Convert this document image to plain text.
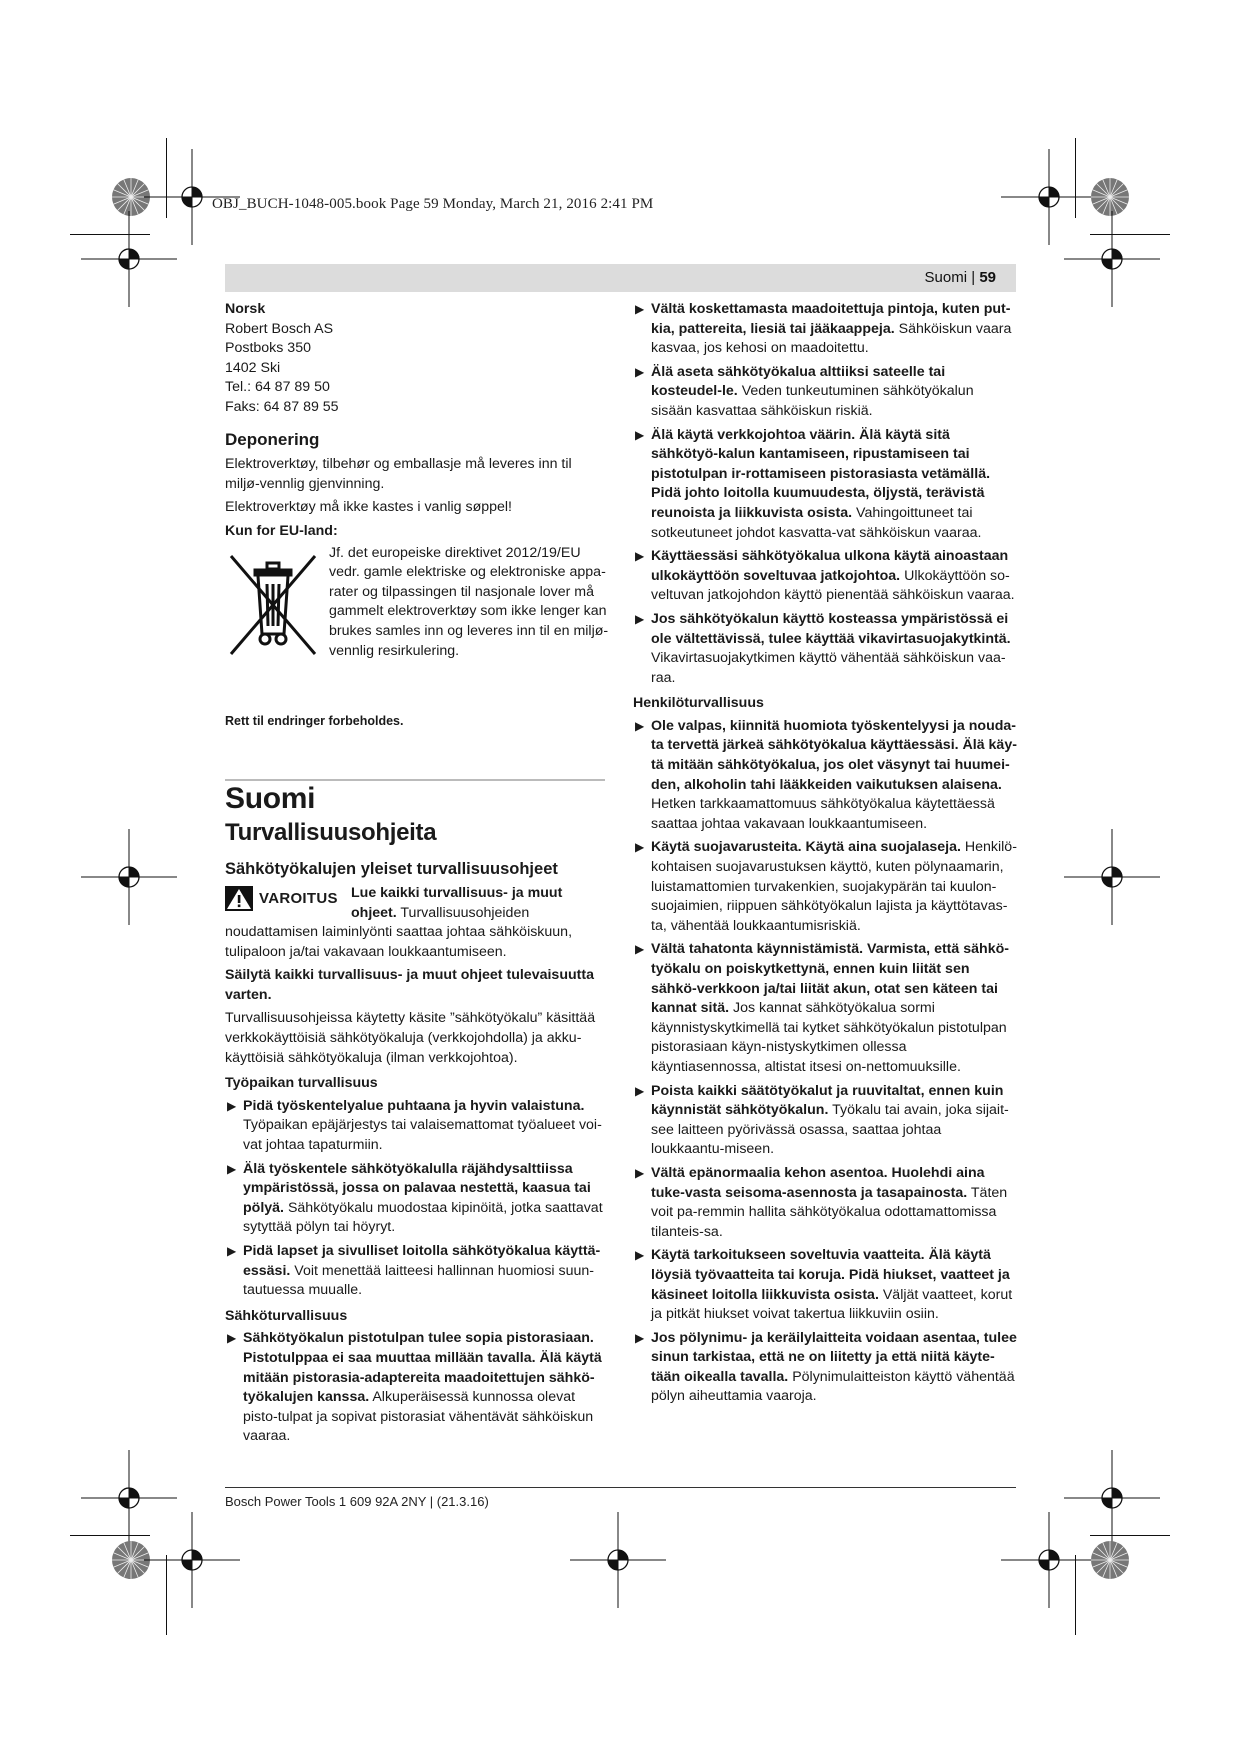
OBJ_BUCH-1048-005.book Page 59 Monday, March 21, 2016 2:41 PM
Suomi | 59
Norsk
Robert Bosch AS
Postboks 350
1402 Ski
Tel.: 64 87 89 50
Faks: 64 87 89 55
Deponering

Elektroverktøy, tilbehør og emballasje må leveres inn til miljø-vennlig gjenvinning.

Elektroverktøy må ikke kastes i vanlig søppel!

Kun for EU-land:
Jf. det europeiske direktivet 2012/19/EU vedr. gamle elektriske og elektroniske appa-rater og tilpassingen til nasjonale lover må gammelt elektroverktøy som ikke lenger kan brukes samles inn og leveres inn til en miljø-vennlig resirkulering.
Rett til endringer forbeholdes.
Suomi
Turvallisuusohjeita
Sähkötyökalujen yleiset turvallisuusohjeet
VAROITUS Lue kaikki turvallisuus- ja muut ohjeet. Turvallisuusohjeiden noudattamisen laiminlyönti saattaa johtaa sähköiskuun, tulipaloon ja/tai vakavaan loukkaantumiseen.

Säilytä kaikki turvallisuus- ja muut ohjeet tulevaisuutta varten.

Turvallisuusohjeissa käytetty käsite ”sähkötyökalu” käsittää verkkokäyttöisiä sähkötyökaluja (verkkojohdolla) ja akku-käyttöisiä sähkötyökaluja (ilman verkkojohtoa).

Työpaikan turvallisuus
▶ Pidä työskentelyalue puhtaana ja hyvin valaistuna. Työpaikan epäjärjestys tai valaisemattomat työalueet voi-vat johtaa tapaturmiin.
▶ Älä työskentele sähkötyökalulla räjähdysalttiissa ympäristössä, jossa on palavaa nestettä, kaasua tai pölyä. Sähkötyökalu muodostaa kipinöitä, jotka saattavat sytyttää pölyn tai höyryt.
▶ Pidä lapset ja sivulliset loitolla sähkötyökalua käyttä-essäsi. Voit menettää laitteesi hallinnan huomiosi suun-tautuessa muualle.
Sähköturvallisuus
▶ Sähkötyökalun pistotulpan tulee sopia pistorasiaan. Pistotulppaa ei saa muuttaa millään tavalla. Älä käytä mitään pistorasia-adaptereita maadoitettujen sähkö-työkalujen kanssa. Alkuperäisessä kunnossa olevat pisto-tulpat ja sopivat pistorasiat vähentävät sähköiskun vaaraa.
▶ Vältä koskettamasta maadoitettuja pintoja, kuten put-kia, pattereita, liesiä tai jääkaappeja. Sähköiskun vaara kasvaa, jos kehosi on maadoitettu.
▶ Älä aseta sähkötyökalua alttiiksi sateelle tai kosteudel-le. Veden tunkeutuminen sähkötyökalun sisään kasvattaa sähköiskun riskiä.
▶ Älä käytä verkkojohtoa väärin. Älä käytä sitä sähkötyö-kalun kantamiseen, ripustamiseen tai pistotulpan ir-rottamiseen pistorasiasta vetämällä. Pidä johto loitolla kuumuudesta, öljystä, terävistä reunoista ja liikkuvista osista. Vahingoittuneet tai sotkeutuneet johdot kasvatta-vat sähköiskun vaaraa.
▶ Käyttäessäsi sähkötyökalua ulkona käytä ainoastaan ulkokäyttöön soveltuvaa jatkojohtoa. Ulkokäyttöön so-veltuvan jatkojohdon käyttö pienentää sähköiskun vaaraa.
▶ Jos sähkötyökalun käyttö kosteassa ympäristössä ei ole vältettävissä, tulee käyttää vikavirtasuojakytkintä. Vikavirtasuojakytkimen käyttö vähentää sähköiskun vaa-raa.
Henkilöturvallisuus
▶ Ole valpas, kiinnitä huomiota työskentelyysi ja nouda-ta tervettä järkeä sähkötyökalua käyttäessäsi. Älä käy-tä mitään sähkötyökalua, jos olet väsynyt tai huumei-den, alkoholin tahi lääkkeiden vaikutuksen alaisena. Hetken tarkkaamattomuus sähkötyökalua käytettäessä saattaa johtaa vakavaan loukkaantumiseen.
▶ Käytä suojavarusteita. Käytä aina suojalaseja. Henkilö-kohtaisen suojavarustuksen käyttö, kuten pölynaamarin, luistamattomien turvakenkien, suojakypärän tai kuulon-suojaimien, riippuen sähkötyökalun lajista ja käyttötavas-ta, vähentää loukkaantumisriskiä.
▶ Vältä tahatonta käynnistämistä. Varmista, että sähkö-työkalu on poiskytkettynä, ennen kuin liität sen sähkö-verkkoon ja/tai liität akun, otat sen käteen tai kannat sitä. Jos kannat sähkötyökalua sormi käynnistyskytkimellä tai kytket sähkötyökalun pistotulpan pistorasiaan käyn-nistyskytkimen ollessa käyntiasennossa, altistat itsesi on-nettomuuksille.
▶ Poista kaikki säätötyökalut ja ruuvitaltat, ennen kuin käynnistät sähkötyökalun. Työkalu tai avain, joka sijait-see laitteen pyörivässä osassa, saattaa johtaa loukkaantu-miseen.
▶ Vältä epänormaalia kehon asentoa. Huolehdi aina tuke-vasta seisoma-asennosta ja tasapainosta. Täten voit pa-remmin hallita sähkötyökalua odottamattomissa tilanteis-sa.
▶ Käytä tarkoitukseen soveltuvia vaatteita. Älä käytä löysiä työvaatteita tai koruja. Pidä hiukset, vaatteet ja käsineet loitolla liikkuvista osista. Väljät vaatteet, korut ja pitkät hiukset voivat takertua liikkuviin osiin.
▶ Jos pölynimu- ja keräilylaitteita voidaan asentaa, tulee sinun tarkistaa, että ne on liitetty ja että niitä käyte-tään oikealla tavalla. Pölynimulaitteiston käyttö vähentää pölyn aiheuttamia vaaroja.
Bosch Power Tools 1 609 92A 2NY | (21.3.16)
